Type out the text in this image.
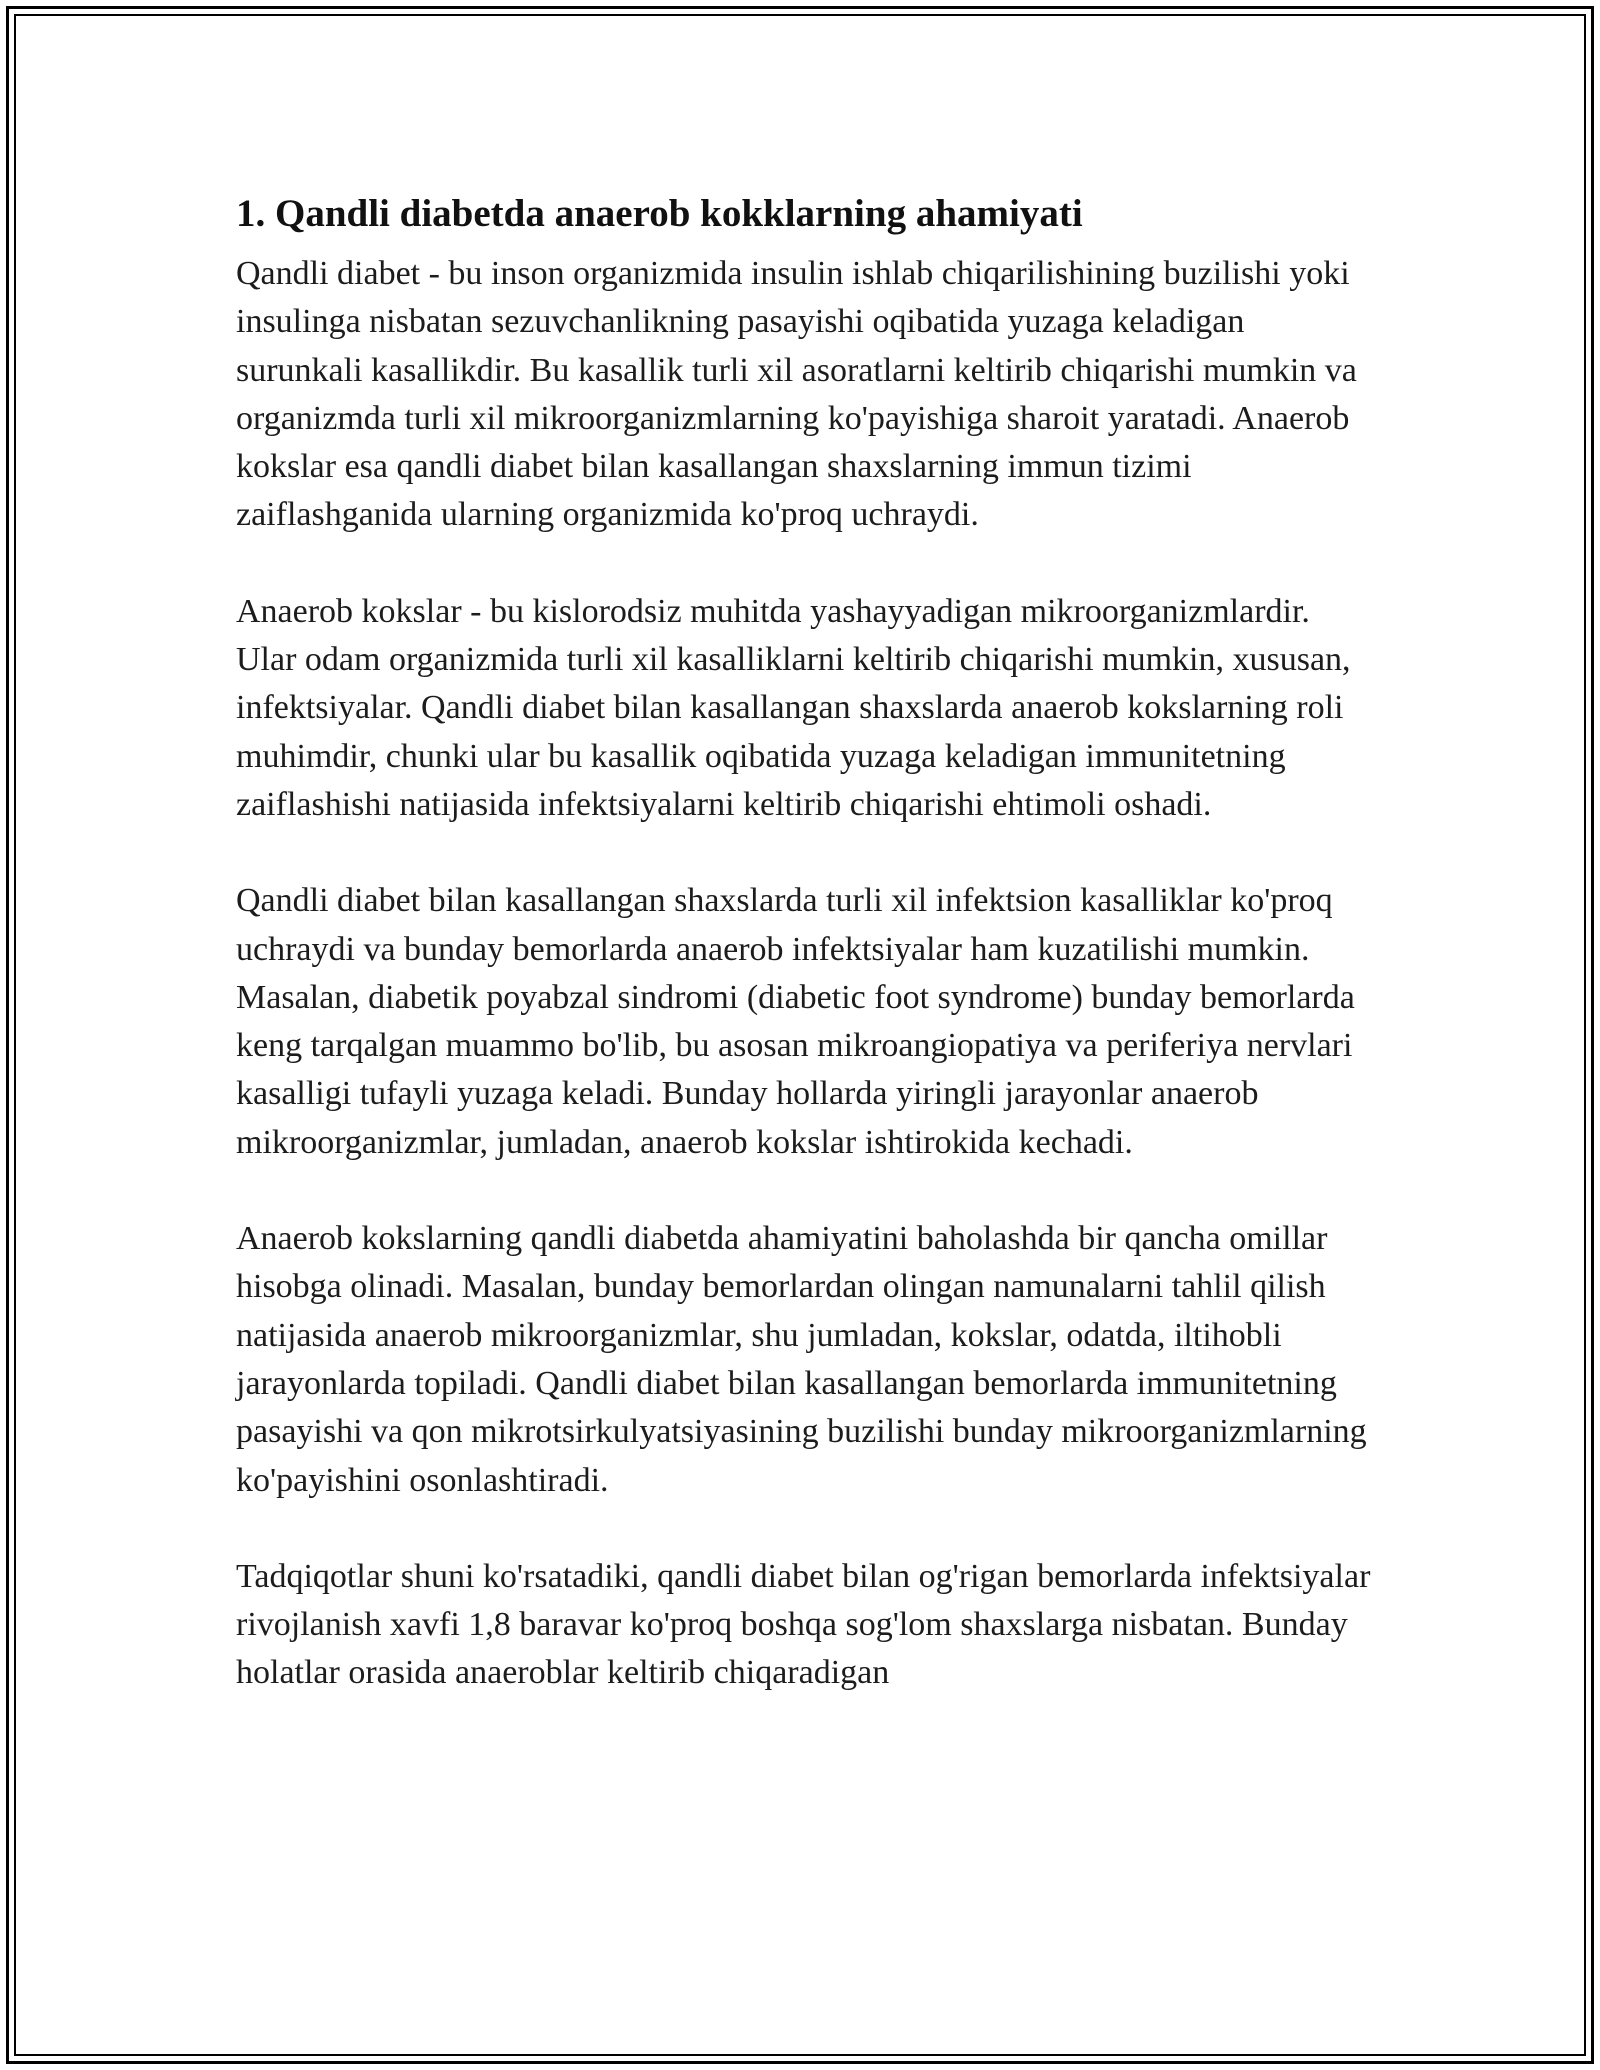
1. Qandli diabetda anaerob kokklarning ahamiyati

Qandli diabet - bu inson organizmida insulin ishlab chiqarilishining buzilishi yoki insulinga nisbatan sezuvchanlikning pasayishi oqibatida yuzaga keladigan surunkali kasallikdir. Bu kasallik turli xil asoratlarni keltirib chiqarishi mumkin va organizmda turli xil mikroorganizmlarning ko'payishiga sharoit yaratadi. Anaerob kokslar esa qandli diabet bilan kasallangan shaxslarning immun tizimi zaiflashganida ularning organizmida ko'proq uchraydi.

Anaerob kokslar - bu kislorodsiz muhitda yashayyadigan mikroorganizmlardir. Ular odam organizmida turli xil kasalliklarni keltirib chiqarishi mumkin, xususan, infektsiyalar. Qandli diabet bilan kasallangan shaxslarda anaerob kokslarning roli muhimdir, chunki ular bu kasallik oqibatida yuzaga keladigan immunitetning zaiflashishi natijasida infektsiyalarni keltirib chiqarishi ehtimoli oshadi.

Qandli diabet bilan kasallangan shaxslarda turli xil infektsion kasalliklar ko'proq uchraydi va bunday bemorlarda anaerob infektsiyalar ham kuzatilishi mumkin. Masalan, diabetik poyabzal sindromi (diabetic foot syndrome) bunday bemorlarda keng tarqalgan muammo bo'lib, bu asosan mikroangiopatiya va periferiya nervlari kasalligi tufayli yuzaga keladi. Bunday hollarda yiringli jarayonlar anaerob mikroorganizmlar, jumladan, anaerob kokslar ishtirokida kechadi.

Anaerob kokslarning qandli diabetda ahamiyatini baholashda bir qancha omillar hisobga olinadi. Masalan, bunday bemorlardan olingan namunalarni tahlil qilish natijasida anaerob mikroorganizmlar, shu jumladan, kokslar, odatda, iltihobli jarayonlarda topiladi. Qandli diabet bilan kasallangan bemorlarda immunitetning pasayishi va qon mikrotsirkulyatsiyasining buzilishi bunday mikroorganizmlarning ko'payishini osonlashtiradi.

Tadqiqotlar shuni ko'rsatadiki, qandli diabet bilan og'rigan bemorlarda infektsiyalar rivojlanish xavfi 1,8 baravar ko'proq boshqa sog'lom shaxslarga nisbatan. Bunday holatlar orasida anaeroblar keltirib chiqaradigan
